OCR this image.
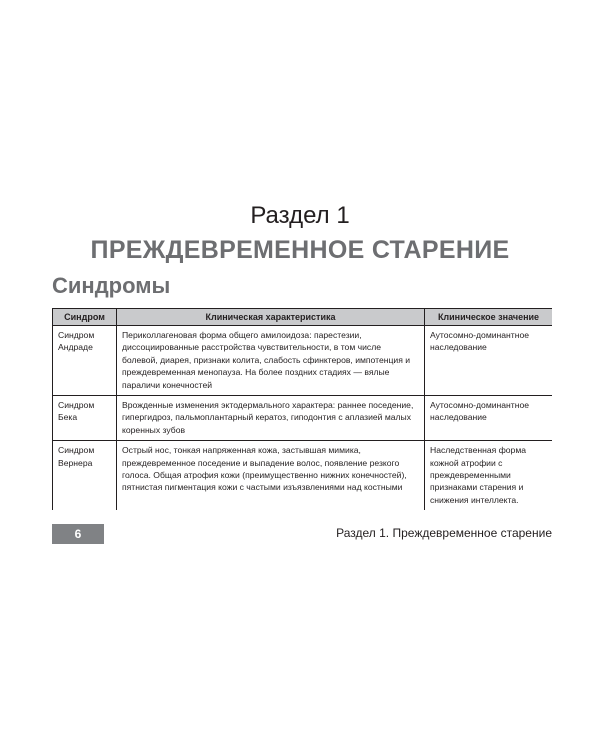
Раздел 1
ПРЕЖДЕВРЕМЕННОЕ СТАРЕНИЕ
Синдромы
Синдром	Клиническая характеристика	Клиническое значение
Синдром Андраде	Периколлагеновая форма общего амилоидоза: парестезии, диссоциированные расстройства чувствительности, в том числе болевой, диарея, признаки колита, слабость сфинктеров, импотенция и преждевременная менопауза. На более поздних стадиях — вялые параличи конечностей	Аутосомно-доминантное наследование
Синдром Бека	Врожденные изменения эктодермального характера: раннее поседение, гипергидроз, пальмоплантарный кератоз, гиподонтия с аплазией малых коренных зубов	Аутосомно-доминантное наследование
Синдром Вернера	Острый нос, тонкая напряженная кожа, застывшая мимика, преждевременное поседение и выпадение волос, появление резкого голоса. Общая атрофия кожи (преимущественно нижних конечностей), пятнистая пигментация кожи с частыми изъязвлениями над костными	Наследственная форма кожной атрофии с преждевременными признаками старения и снижения интеллекта.
6	Раздел 1. Преждевременное старение
